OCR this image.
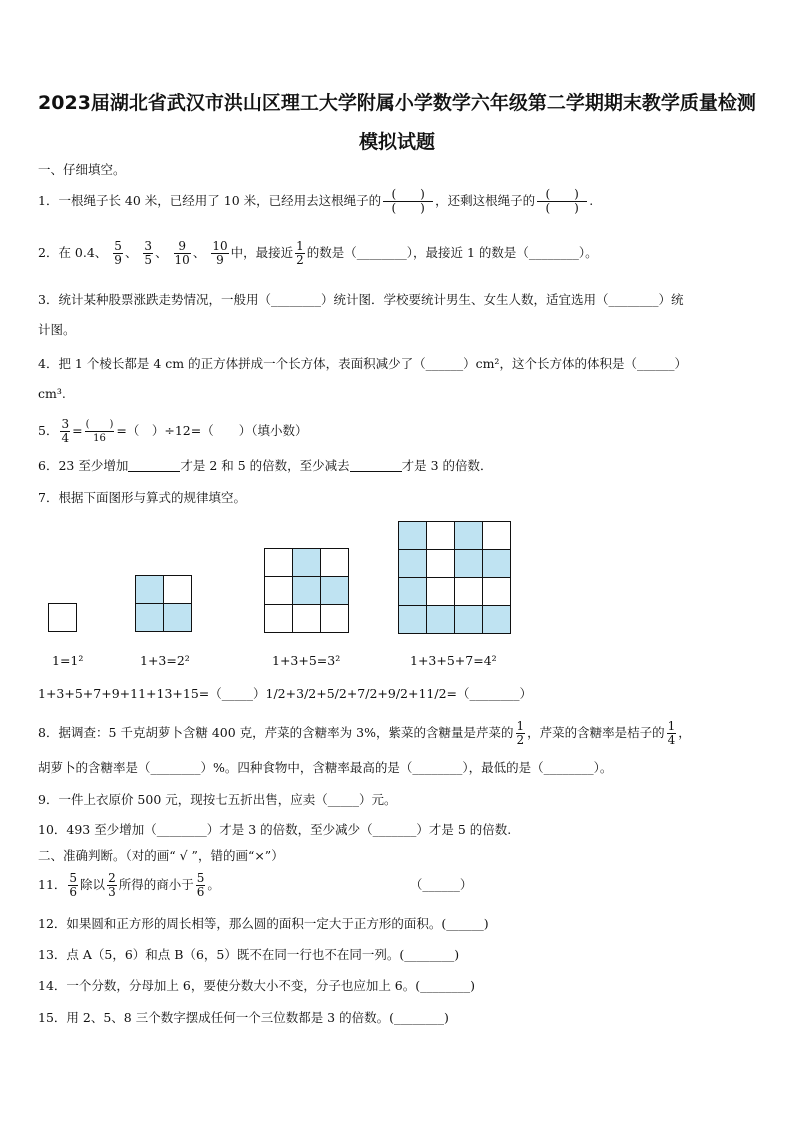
2023届湖北省武汉市洪山区理工大学附属小学数学六年级第二学期期末教学质量检测
模拟试题
一、仔细填空。
1．一根绳子长 40 米，已经用了 10 米，已经用去这根绳子的 $\frac{( )}{( )}$ ，还剩这根绳子的 $\frac{( )}{( )}$ .
2．在 0.4、 $\frac{5}{9}$ 、 $\frac{3}{5}$ 、 $\frac{9}{10}$ 、 $\frac{10}{9}$ 中，最接近 $\frac{1}{2}$ 的数是（________），最接近 1 的数是（________）。
3．统计某种股票涨跌走势情况，一般用（________）统计图．学校要统计男生、女生人数，适宜选用（________）统
计图。
4．把 1 个棱长都是 4 cm 的正方体拼成一个长方体，表面积减少了（______）cm²，这个长方体的体积是（______）
cm³.
5． $\frac{3}{4} = \frac{( )}{16}$ =（　）÷12=（　　）（填小数）
6．23 至少增加	才是 2 和 5 的倍数，至少减去	才是 3 的倍数．
7．根据下面图形与算式的规律填空。

1=1²	1+3=2²	1+3+5=3²	1+3+5+7=4²
1+3+5+7+9+11+13+15=（_____）1/2+3/2+5/2+7/2+9/2+11/2=（________）
8．据调查：5 千克胡萝卜含糖 400 克，芹菜的含糖率为 3%，紫菜的含糖量是芹菜的 $\frac{1}{2}$ ，芹菜的含糖率是桔子的 $\frac{1}{4}$ ，
胡萝卜的含糖率是（________）%。四种食物中，含糖率最高的是（________），最低的是（________）。
9．一件上衣原价 500 元，现按七五折出售，应卖（_____）元。
10．493 至少增加（________）才是 3 的倍数，至少减少（_______）才是 5 的倍数.
二、准确判断。（对的画“ √ ”，错的画“×”）
11． $\frac{5}{6}$ 除以 $\frac{2}{3}$ 所得的商小于 $\frac{5}{6}$ 。	（______）
12．如果圆和正方形的周长相等，那么圆的面积一定大于正方形的面积。(______)
13．点 A（5，6）和点 B（6，5）既不在同一行也不在同一列。(________)
14．一个分数，分母加上 6，要使分数大小不变，分子也应加上 6。(________)
15．用 2、5、8 三个数字摆成任何一个三位数都是 3 的倍数。(________)
